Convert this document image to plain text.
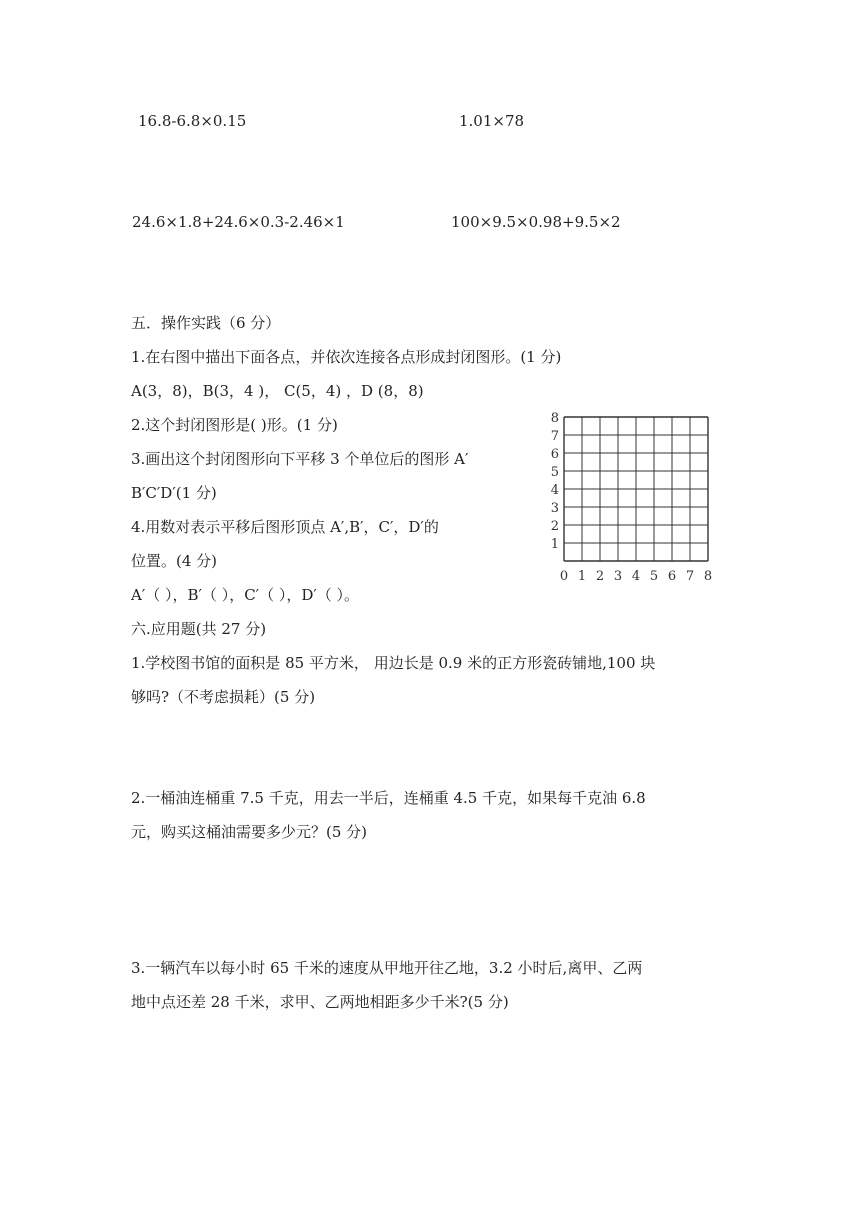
16.8-6.8×0.15	1.01×78
24.6×1.8+24.6×0.3-2.46×1	100×9.5×0.98+9.5×2
五．操作实践（6 分）
1.在右图中描出下面各点，并依次连接各点形成封闭图形。(1 分)
A(3，8)，B(3，4 )， C(5，4) ，D (8，8)
2.这个封闭图形是( )形。(1 分)
3.画出这个封闭图形向下平移 3 个单位后的图形 A′
B′C′D′(1 分)
4.用数对表示平移后图形顶点 A′,B′，C′，D′的
位置。(4 分)
A′（ ），B′（ ），C′（ ），D′（ ）。
8
7
6
5
4
3
2
1
0 1 2 3 4 5 6 7 8
六.应用题(共 27 分)
1.学校图书馆的面积是 85 平方米， 用边长是 0.9 米的正方形瓷砖铺地,100 块
够吗?（不考虑损耗）(5 分)
2.一桶油连桶重 7.5 千克，用去一半后，连桶重 4.5 千克，如果每千克油 6.8
元，购买这桶油需要多少元？(5 分)
3.一辆汽车以每小时 65 千米的速度从甲地开往乙地，3.2 小时后,离甲、乙两
地中点还差 28 千米，求甲、乙两地相距多少千米?(5 分)
